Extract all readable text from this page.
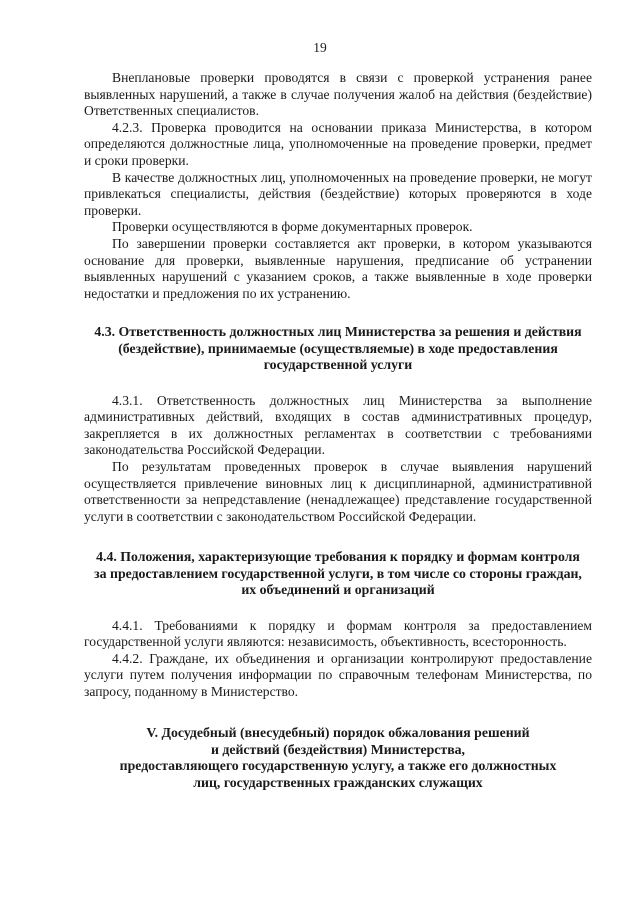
19

Внеплановые проверки проводятся в связи с проверкой устранения ранее выявленных нарушений, а также в случае получения жалоб на действия (бездействие) Ответственных специалистов.

4.2.3. Проверка проводится на основании приказа Министерства, в котором определяются должностные лица, уполномоченные на проведение проверки, предмет и сроки проверки.

В качестве должностных лиц, уполномоченных на проведение проверки, не могут привлекаться специалисты, действия (бездействие) которых проверяются в ходе проверки.

Проверки осуществляются в форме документарных проверок.

По завершении проверки составляется акт проверки, в котором указываются основание для проверки, выявленные нарушения, предписание об устранении выявленных нарушений с указанием сроков, а также выявленные в ходе проверки недостатки и предложения по их устранению.

4.3. Ответственность должностных лиц Министерства за решения и действия (бездействие), принимаемые (осуществляемые) в ходе предоставления государственной услуги

4.3.1. Ответственность должностных лиц Министерства за выполнение административных действий, входящих в состав административных процедур, закрепляется в их должностных регламентах в соответствии с требованиями законодательства Российской Федерации.

По результатам проведенных проверок в случае выявления нарушений осуществляется привлечение виновных лиц к дисциплинарной, административной ответственности за непредставление (ненадлежащее) представление государственной услуги в соответствии с законодательством Российской Федерации.

4.4. Положения, характеризующие требования к порядку и формам контроля за предоставлением государственной услуги, в том числе со стороны граждан, их объединений и организаций

4.4.1. Требованиями к порядку и формам контроля за предоставлением государственной услуги являются: независимость, объективность, всесторонность.

4.4.2. Граждане, их объединения и организации контролируют предоставление услуги путем получения информации по справочным телефонам Министерства, по запросу, поданному в Министерство.

V. Досудебный (внесудебный) порядок обжалования решений
и действий (бездействия) Министерства,
предоставляющего государственную услугу, а также его должностных
лиц, государственных гражданских служащих
